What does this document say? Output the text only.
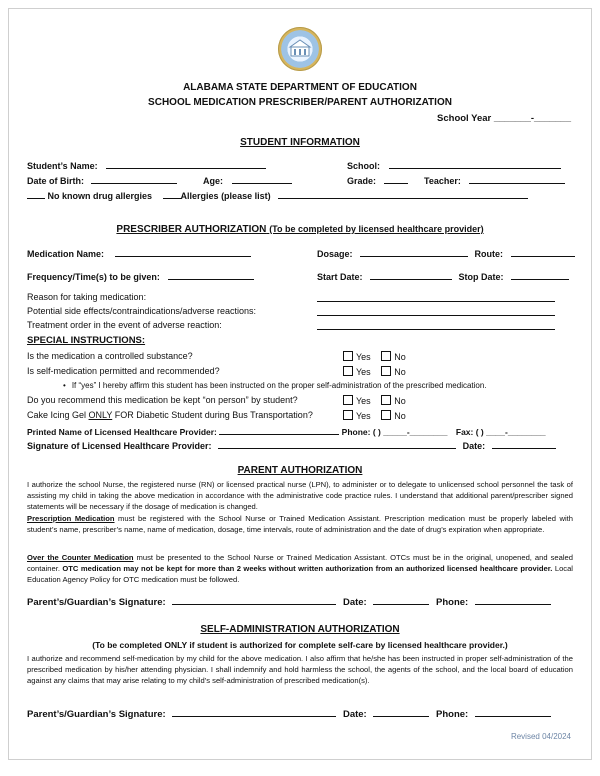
ALABAMA STATE DEPARTMENT OF EDUCATION
SCHOOL MEDICATION PRESCRIBER/PARENT AUTHORIZATION
School Year _______-_______
STUDENT INFORMATION
Student’s Name:	School:
Date of Birth:	Age:	Grade:	Teacher:
No known drug allergies	Allergies (please list)
PRESCRIBER AUTHORIZATION (To be completed by licensed healthcare provider)
Medication Name:	Dosage:	Route:
Frequency/Time(s) to be given:	Start Date:	Stop Date:
Reason for taking medication:
Potential side effects/contraindications/adverse reactions:
Treatment order in the event of adverse reaction:
SPECIAL INSTRUCTIONS:
Is the medication a controlled substance?	Yes	No
Is self-medication permitted and recommended?	Yes	No
• If “yes” I hereby affirm this student has been instructed on the proper self-administration of the prescribed medication.
Do you recommend this medication be kept “on person” by student?	Yes	No
Cake Icing Gel ONLY FOR Diabetic Student during Bus Transportation?	Yes	No
Printed Name of Licensed Healthcare Provider:	Phone: ( ) _____-________ Fax: ( ) ____-________
Signature of Licensed Healthcare Provider:	Date:
PARENT AUTHORIZATION
I authorize the school Nurse, the registered nurse (RN) or licensed practical nurse (LPN), to administer or to delegate to unlicensed school personnel the task of assisting my child in taking the above medication in accordance with the administrative code practice rules. I understand that additional parent/prescriber signed statements will be necessary if the dosage of medication is changed.
Prescription Medication must be registered with the School Nurse or Trained Medication Assistant. Prescription medication must be properly labeled with student’s name, prescriber’s name, name of medication, dosage, time intervals, route of administration and the date of drug’s expiration when appropriate.
Over the Counter Medication must be presented to the School Nurse or Trained Medication Assistant. OTCs must be in the original, unopened, and sealed container. OTC medication may not be kept for more than 2 weeks without written authorization from an authorized licensed healthcare provider. Local Education Agency Policy for OTC medication must be followed.
Parent’s/Guardian’s Signature:	Date:	Phone:
SELF-ADMINISTRATION AUTHORIZATION
(To be completed ONLY if student is authorized for complete self-care by licensed healthcare provider.)
I authorize and recommend self-medication by my child for the above medication. I also affirm that he/she has been instructed in proper self-administration of the prescribed medication by his/her attending physician. I shall indemnify and hold harmless the school, the agents of the school, and the local board of education against any claims that may arise relating to my child’s self-administration of prescribed medication(s).
Parent’s/Guardian’s Signature:	Date:	Phone:
Revised 04/2024
